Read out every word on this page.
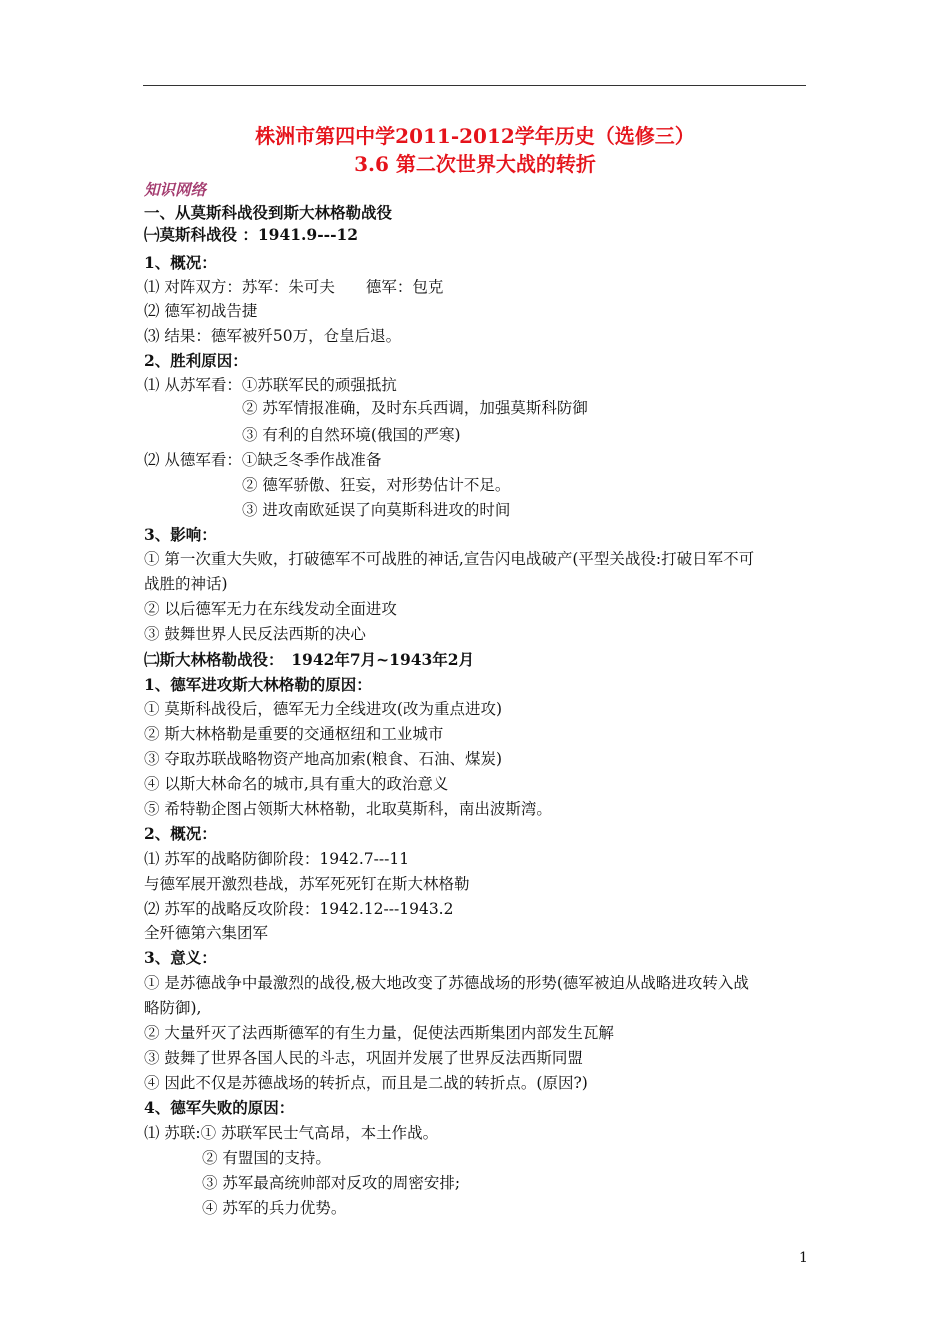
株洲市第四中学2011-2012学年历史（选修三）
3.6 第二次世界大战的转折
知识网络
一、从莫斯科战役到斯大林格勒战役
㈠莫斯科战役 ：1941.9---12
1、概况：
⑴ 对阵双方：苏军：朱可夫　　德军：包克
⑵ 德军初战告捷
⑶ 结果：德军被歼50万，仓皇后退。
2、胜利原因：
⑴ 从苏军看：①苏联军民的顽强抵抗
② 苏军情报准确，及时东兵西调，加强莫斯科防御
③ 有利的自然环境(俄国的严寒)
⑵ 从德军看：①缺乏冬季作战准备
② 德军骄傲、狂妄，对形势估计不足。
③ 进攻南欧延误了向莫斯科进攻的时间
3、影响：
① 第一次重大失败，打破德军不可战胜的神话,宣告闪电战破产(平型关战役:打破日军不可
战胜的神话)
② 以后德军无力在东线发动全面进攻
③ 鼓舞世界人民反法西斯的决心
㈡斯大林格勒战役：　1942年7月~1943年2月
1、德军进攻斯大林格勒的原因：
① 莫斯科战役后，德军无力全线进攻(改为重点进攻)
② 斯大林格勒是重要的交通枢纽和工业城市
③ 夺取苏联战略物资产地高加索(粮食、石油、煤炭)
④ 以斯大林命名的城市,具有重大的政治意义
⑤ 希特勒企图占领斯大林格勒，北取莫斯科，南出波斯湾。
2、概况：
⑴ 苏军的战略防御阶段：1942.7---11
与德军展开激烈巷战，苏军死死钉在斯大林格勒
⑵ 苏军的战略反攻阶段：1942.12---1943.2
全歼德第六集团军
3、意义：
① 是苏德战争中最激烈的战役,极大地改变了苏德战场的形势(德军被迫从战略进攻转入战
略防御),
② 大量歼灭了法西斯德军的有生力量，促使法西斯集团内部发生瓦解
③ 鼓舞了世界各国人民的斗志，巩固并发展了世界反法西斯同盟
④ 因此不仅是苏德战场的转折点，而且是二战的转折点。(原因?)
4、德军失败的原因：
⑴ 苏联:① 苏联军民士气高昂，本土作战。
② 有盟国的支持。
③ 苏军最高统帅部对反攻的周密安排;
④ 苏军的兵力优势。
1
